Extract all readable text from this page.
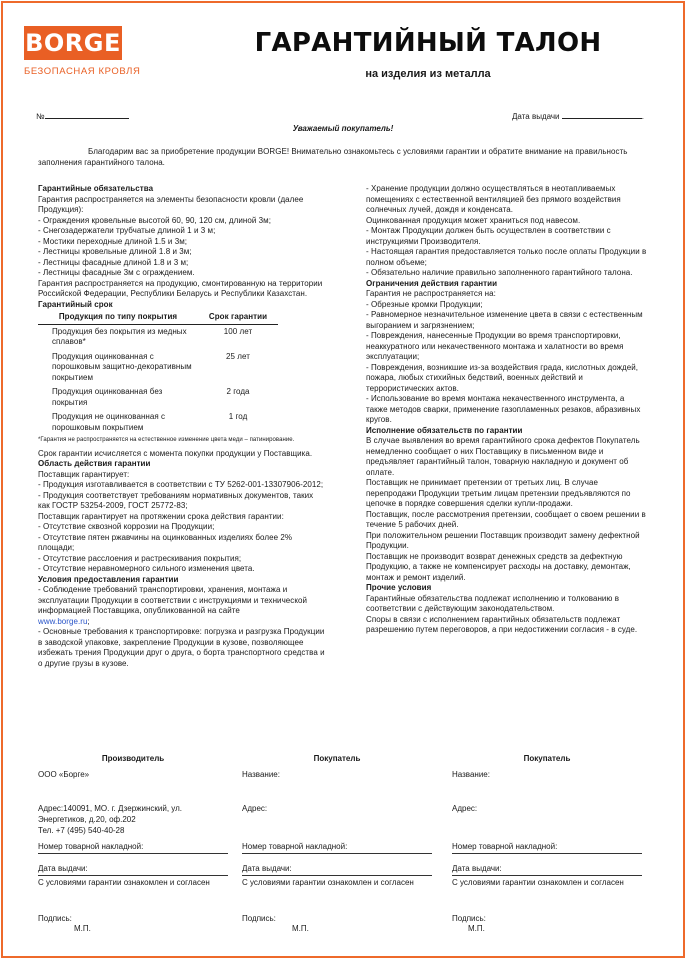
BORGE
БЕЗОПАСНАЯ КРОВЛЯ
ГАРАНТИЙНЫЙ ТАЛОН
на изделия из металла
№	Дата выдачи	.
Уважаемый покупатель!
Благодарим вас за приобретение продукции BORGE! Внимательно ознакомьтесь с условиями гарантии и обратите внимание на правильность заполнения гарантийного талона.

Гарантийные обязательства

Гарантия распространяется на элементы безопасности кровли (далее Продукция):

- Ограждения кровельные высотой 60, 90, 120 см, длиной 3м;

- Снегозадержатели трубчатые длиной 1 и 3 м;

- Мостики переходные длиной 1.5 и 3м;

- Лестницы кровельные длиной 1.8 и 3м;

- Лестницы фасадные длиной 1.8 и 3 м;

- Лестницы фасадные 3м с ограждением.

Гарантия распространяется на продукцию, смонтированную на территории Российской Федерации, Республики Беларусь и Республики Казахстан.

Гарантийный срок

Продукция по типу покрытия	Срок гарантии
Продукция без покрытия из медных сплавов*	100 лет
Продукция оцинкованная с порошковым защитно-декоративным покрытием	25 лет
Продукция оцинкованная без покрытия	2 года
Продукция не оцинкованная с порошковым покрытием	1 год

*Гарантия не распространяется на естественное изменение цвета меди – патинирование.

Срок гарантии исчисляется с момента покупки продукции у Поставщика.

Область действия гарантии

Поставщик гарантирует:

- Продукция изготавливается в соответствии с ТУ 5262-001-13307906-2012;

- Продукция соответствует требованиям нормативных документов, таких как ГОСТР 53254-2009, ГОСТ 25772-83;

Поставщик гарантирует на протяжении срока действия гарантии:

- Отсутствие сквозной коррозии на Продукции;

- Отсутствие пятен ржавчины на оцинкованных изделиях более 2% площади;

- Отсутствие расслоения и растрескивания покрытия;

- Отсутствие неравномерного сильного изменения цвета.

Условия предоставления гарантии

- Соблюдение требований транспортировки, хранения, монтажа и эксплуатации Продукции в соответствии с инструкциями и технической информацией Поставщика, опубликованной на сайте

www.borge.ru;

- Основные требования к транспортировке: погрузка и разгрузка Продукции в заводской упаковке, закрепление Продукции в кузове, позволяющее избежать трения Продукции друг о друга, о борта транспортного средства и о другие грузы в кузове.

- Хранение продукции должно осуществляться в неотапливаемых помещениях с естественной вентиляцией без прямого воздействия солнечных лучей, дождя и конденсата.

Оцинкованная продукция может храниться под навесом.

- Монтаж Продукции должен быть осуществлен в соответствии с инструкциями Производителя.

- Настоящая гарантия предоставляется только после оплаты Продукции в полном объеме;

- Обязательно наличие правильно заполненного гарантийного талона.

Ограничения действия гарантии

Гарантия не распространяется на:

- Обрезные кромки Продукции;

- Равномерное незначительное изменение цвета в связи с естественным выгоранием и загрязнением;

- Повреждения, нанесенные Продукции во время транспортировки, неаккуратного или некачественного монтажа и халатности во время эксплуатации;

- Повреждения, возникшие из-за воздействия града, кислотных дождей, пожара, любых стихийных бедствий, военных действий и террористических актов.

- Использование во время монтажа некачественного инструмента, а также методов сварки, применение газопламенных резаков, абразивных кругов.

Исполнение обязательств по гарантии

В случае выявления во время гарантийного срока дефектов Покупатель немедленно сообщает о них Поставщику в письменном виде и предъявляет гарантийный талон, товарную накладную и документ об оплате.

Поставщик не принимает претензии от третьих лиц. В случае перепродажи Продукции третьим лицам претензии предъявляются по цепочке в порядке совершения сделки купли-продажи.

Поставщик, после рассмотрения претензии, сообщает о своем решении в течение 5 рабочих дней.

При положительном решении Поставщик производит замену дефектной Продукции.

Поставщик не производит возврат денежных средств за дефектную Продукцию, а также не компенсирует расходы на доставку, демонтаж, монтаж и ремонт изделий.

Прочие условия

Гарантийные обязательства подлежат исполнению и толкованию в соответствии с действующим законодательством.

Споры в связи с исполнением гарантийных обязательств подлежат разрешению путем переговоров, а при недостижении согласия - в суде.

Производитель
ООО «Борге»
Адрес:140091, МО. г. Дзержинский, ул. Энергетиков, д.20, оф.202
Тел. +7 (495) 540-40-28
Номер товарной накладной:
Дата выдачи:
С условиями гарантии ознакомлен и согласен
Подпись:
М.П.
Покупатель
Название:
Адрес:
Номер товарной накладной:
Дата выдачи:
С условиями гарантии ознакомлен и согласен
Подпись:
М.П.
Покупатель
Название:
Адрес:
Номер товарной накладной:
Дата выдачи:
С условиями гарантии ознакомлен и согласен
Подпись:
М.П.
